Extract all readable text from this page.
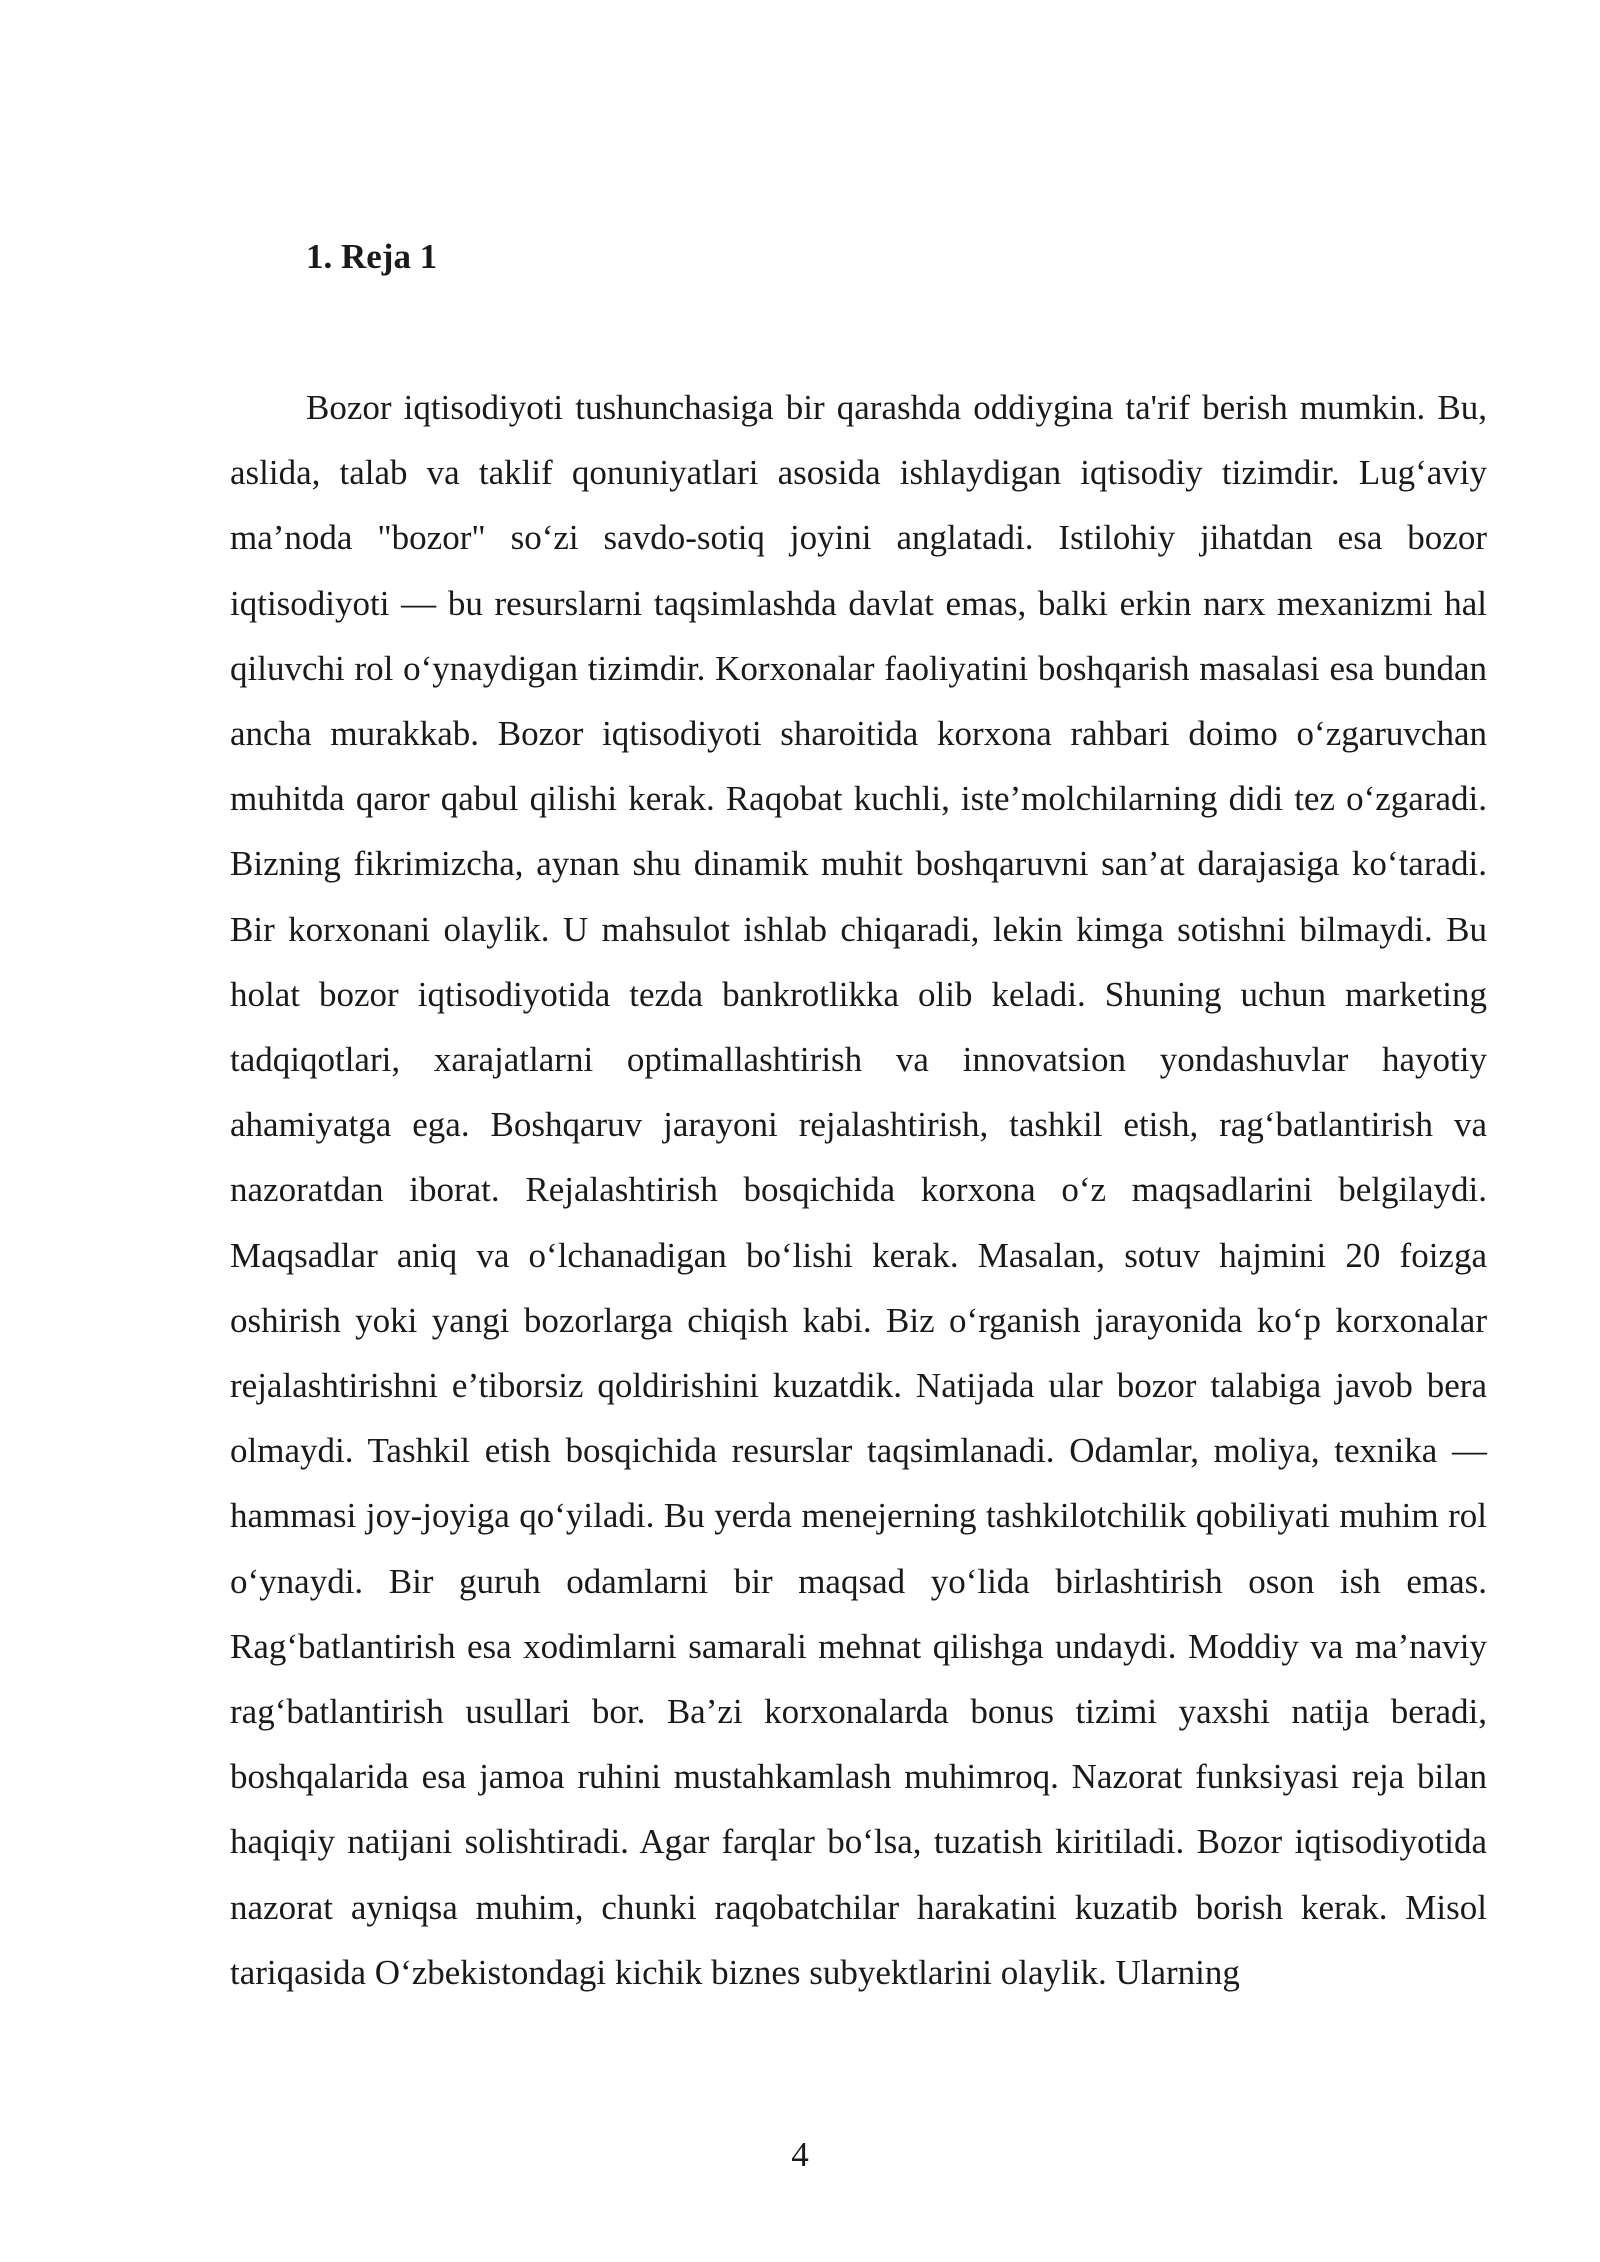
1. Reja 1

Bozor iqtisodiyoti tushunchasiga bir qarashda oddiygina ta'rif berish mumkin. Bu, aslida, talab va taklif qonuniyatlari asosida ishlaydigan iqtisodiy tizimdir. Lug‘aviy ma’noda "bozor" so‘zi savdo-sotiq joyini anglatadi. Istilohiy jihatdan esa bozor iqtisodiyoti — bu resurslarni taqsimlashda davlat emas, balki erkin narx mexanizmi hal qiluvchi rol o‘ynaydigan tizimdir. Korxonalar faoliyatini boshqarish masalasi esa bundan ancha murakkab. Bozor iqtisodiyoti sharoitida korxona rahbari doimo o‘zgaruvchan muhitda qaror qabul qilishi kerak. Raqobat kuchli, iste’molchilarning didi tez o‘zgaradi. Bizning fikrimizcha, aynan shu dinamik muhit boshqaruvni san’at darajasiga ko‘taradi. Bir korxonani olaylik. U mahsulot ishlab chiqaradi, lekin kimga sotishni bilmaydi. Bu holat bozor iqtisodiyotida tezda bankrotlikka olib keladi. Shuning uchun marketing tadqiqotlari, xarajatlarni optimallashtirish va innovatsion yondashuvlar hayotiy ahamiyatga ega. Boshqaruv jarayoni rejalashtirish, tashkil etish, rag‘batlantirish va nazoratdan iborat. Rejalashtirish bosqichida korxona o‘z maqsadlarini belgilaydi. Maqsadlar aniq va o‘lchanadigan bo‘lishi kerak. Masalan, sotuv hajmini 20 foizga oshirish yoki yangi bozorlarga chiqish kabi. Biz o‘rganish jarayonida ko‘p korxonalar rejalashtirishni e’tiborsiz qoldirishini kuzatdik. Natijada ular bozor talabiga javob bera olmaydi. Tashkil etish bosqichida resurslar taqsimlanadi. Odamlar, moliya, texnika — hammasi joy-joyiga qo‘yiladi. Bu yerda menejerning tashkilotchilik qobiliyati muhim rol o‘ynaydi. Bir guruh odamlarni bir maqsad yo‘lida birlashtirish oson ish emas. Rag‘batlantirish esa xodimlarni samarali mehnat qilishga undaydi. Moddiy va ma’naviy rag‘batlantirish usullari bor. Ba’zi korxonalarda bonus tizimi yaxshi natija beradi, boshqalarida esa jamoa ruhini mustahkamlash muhimroq. Nazorat funksiyasi reja bilan haqiqiy natijani solishtiradi. Agar farqlar bo‘lsa, tuzatish kiritiladi. Bozor iqtisodiyotida nazorat ayniqsa muhim, chunki raqobatchilar harakatini kuzatib borish kerak. Misol tariqasida O‘zbekistondagi kichik biznes subyektlarini olaylik. Ularning

4
